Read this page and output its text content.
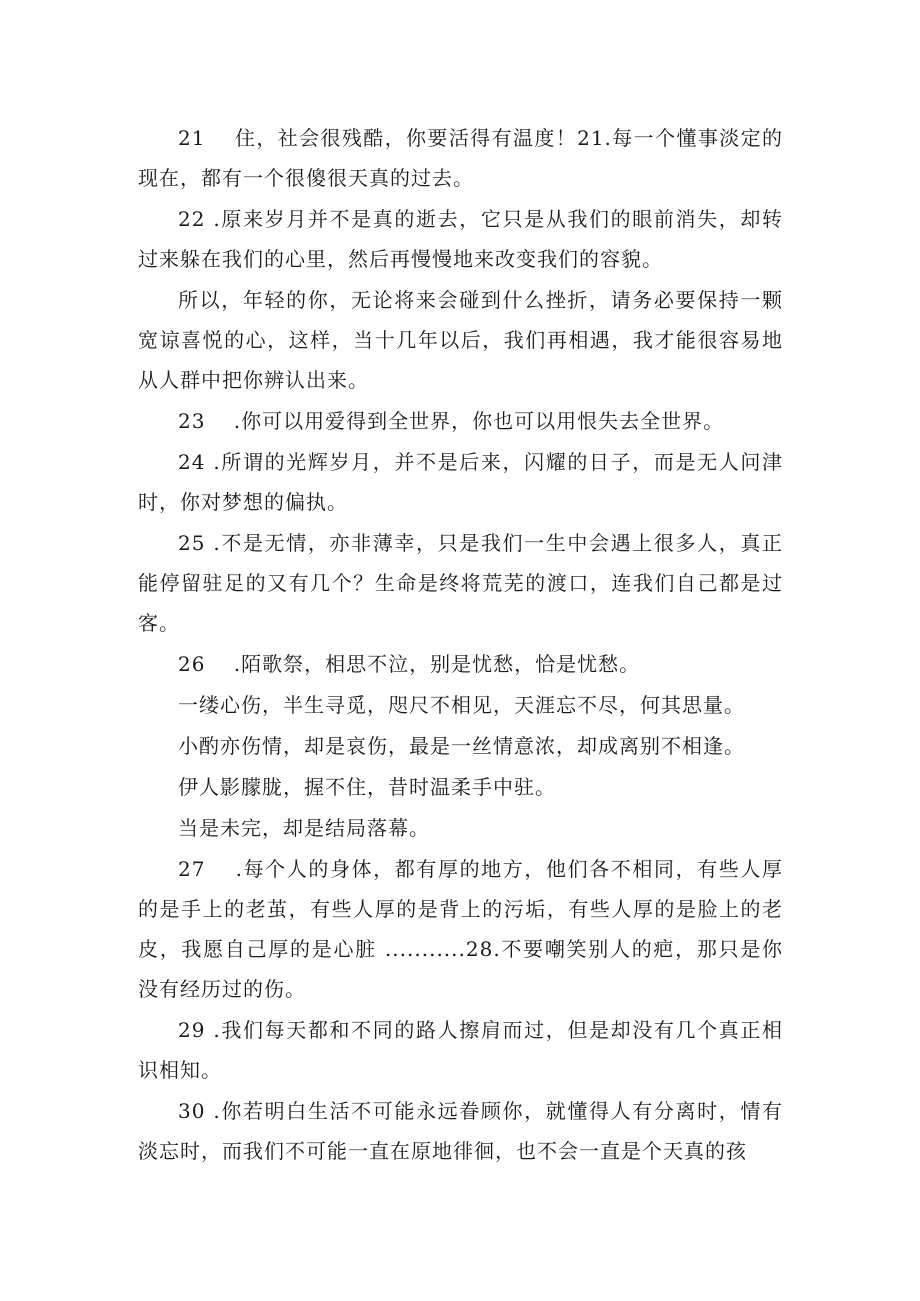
21　 住，社会很残酷，你要活得有温度！21.每一个懂事淡定的现在，都有一个很傻很天真的过去。

22 .原来岁月并不是真的逝去，它只是从我们的眼前消失，却转过来躲在我们的心里，然后再慢慢地来改变我们的容貌。

所以，年轻的你，无论将来会碰到什么挫折，请务必要保持一颗宽谅喜悦的心，这样，当十几年以后，我们再相遇，我才能很容易地从人群中把你辨认出来。

23　 .你可以用爱得到全世界，你也可以用恨失去全世界。

24 .所谓的光辉岁月，并不是后来，闪耀的日子，而是无人问津时，你对梦想的偏执。

25 .不是无情，亦非薄幸，只是我们一生中会遇上很多人，真正能停留驻足的又有几个？生命是终将荒芜的渡口，连我们自己都是过客。

26　 .陌歌祭，相思不泣，别是忧愁，恰是忧愁。

一缕心伤，半生寻觅，咫尺不相见，天涯忘不尽，何其思量。

小酌亦伤情，却是哀伤，最是一丝情意浓，却成离别不相逢。

伊人影朦胧，握不住，昔时温柔手中驻。

当是未完，却是结局落幕。

27　 .每个人的身体，都有厚的地方，他们各不相同，有些人厚的是手上的老茧，有些人厚的是背上的污垢，有些人厚的是脸上的老皮，我愿自己厚的是心脏 ...........28.不要嘲笑别人的疤，那只是你没有经历过的伤。

29 .我们每天都和不同的路人擦肩而过，但是却没有几个真正相识相知。

30 .你若明白生活不可能永远眷顾你，就懂得人有分离时，情有淡忘时，而我们不可能一直在原地徘徊，也不会一直是个天真的孩
